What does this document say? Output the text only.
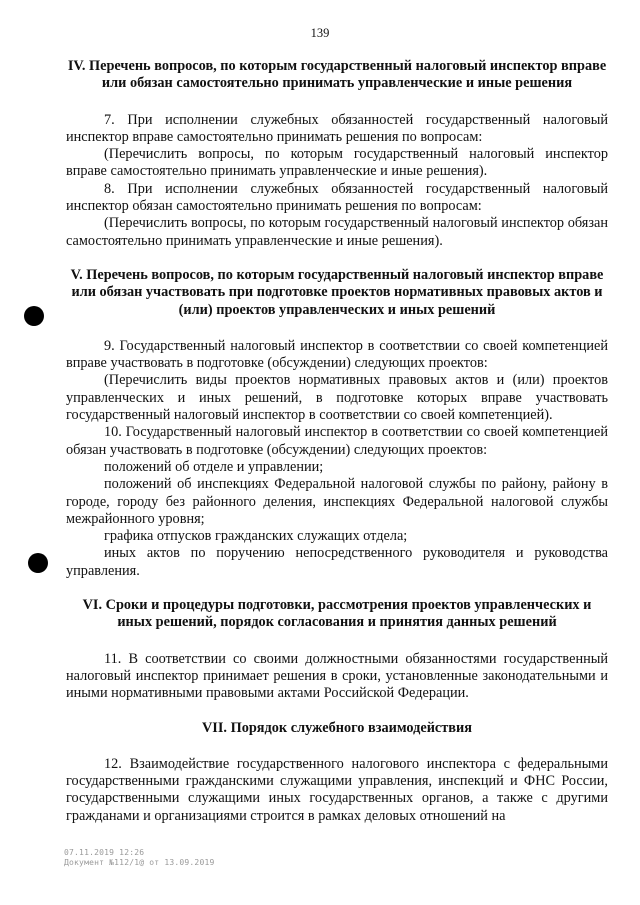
139
IV. Перечень вопросов, по которым государственный налоговый инспектор вправе или обязан самостоятельно принимать управленческие и иные решения

7. При исполнении служебных обязанностей государственный налоговый инспектор вправе самостоятельно принимать решения по вопросам:

(Перечислить вопросы, по которым государственный налоговый инспектор вправе самостоятельно принимать управленческие и иные решения).

8. При исполнении служебных обязанностей государственный налоговый инспектор обязан самостоятельно принимать решения по вопросам:

(Перечислить вопросы, по которым государственный налоговый инспектор обязан самостоятельно принимать управленческие и иные решения).

V. Перечень вопросов, по которым государственный налоговый инспектор вправе или обязан участвовать при подготовке проектов нормативных правовых актов и (или) проектов управленческих и иных решений

9. Государственный налоговый инспектор в соответствии со своей компетенцией вправе участвовать в подготовке (обсуждении) следующих проектов:

(Перечислить виды проектов нормативных правовых актов и (или) проектов управленческих и иных решений, в подготовке которых вправе участвовать государственный налоговый инспектор в соответствии со своей компетенцией).

10. Государственный налоговый инспектор в соответствии со своей компетенцией обязан участвовать в подготовке (обсуждении) следующих проектов:

положений об отделе и управлении;

положений об инспекциях Федеральной налоговой службы по району, району в городе, городу без районного деления, инспекциях Федеральной налоговой службы межрайонного уровня;

графика отпусков гражданских служащих отдела;

иных актов по поручению непосредственного руководителя и руководства управления.

VI. Сроки и процедуры подготовки, рассмотрения проектов управленческих и иных решений, порядок согласования и принятия данных решений

11. В соответствии со своими должностными обязанностями государственный налоговый инспектор принимает решения в сроки, установленные законодательными и иными нормативными правовыми актами Российской Федерации.

VII. Порядок служебного взаимодействия

12. Взаимодействие государственного налогового инспектора с федеральными государственными гражданскими служащими управления, инспекций и ФНС России, государственными служащими иных государственных органов, а также с другими гражданами и организациями строится в рамках деловых отношений на

07.11.2019 12:26
Документ №112/1@ от 13.09.2019
